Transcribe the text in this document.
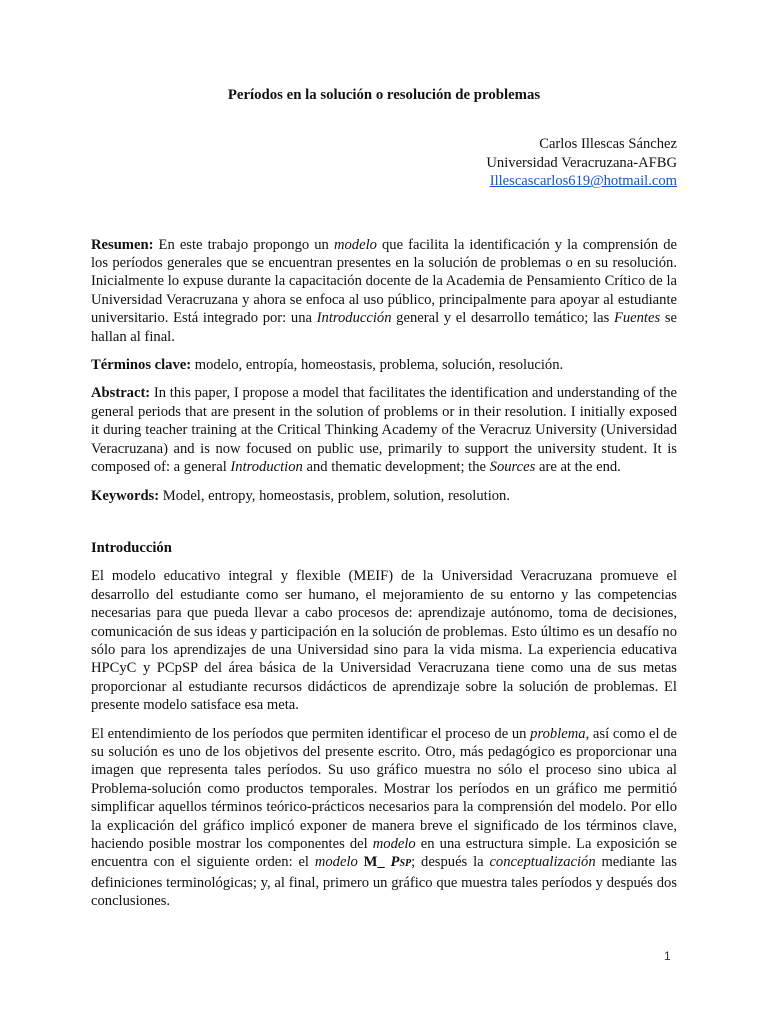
Períodos en la solución o resolución de problemas
Carlos Illescas Sánchez
Universidad Veracruzana-AFBG
Illescascarlos619@hotmail.com

Resumen: En este trabajo propongo un modelo que facilita la identificación y la comprensión de los períodos generales que se encuentran presentes en la solución de problemas o en su resolución. Inicialmente lo expuse durante la capacitación docente de la Academia de Pensamiento Crítico de la Universidad Veracruzana y ahora se enfoca al uso público, principalmente para apoyar al estudiante universitario. Está integrado por: una Introducción general y el desarrollo temático; las Fuentes se hallan al final.

Términos clave: modelo, entropía, homeostasis, problema, solución, resolución.

Abstract: In this paper, I propose a model that facilitates the identification and understanding of the general periods that are present in the solution of problems or in their resolution. I initially exposed it during teacher training at the Critical Thinking Academy of the Veracruz University (Universidad Veracruzana) and is now focused on public use, primarily to support the university student. It is composed of: a general Introduction and thematic development; the Sources are at the end.

Keywords: Model, entropy, homeostasis, problem, solution, resolution.

Introducción

El modelo educativo integral y flexible (MEIF) de la Universidad Veracruzana promueve el desarrollo del estudiante como ser humano, el mejoramiento de su entorno y las competencias necesarias para que pueda llevar a cabo procesos de: aprendizaje autónomo, toma de decisiones, comunicación de sus ideas y participación en la solución de problemas. Esto último es un desafío no sólo para los aprendizajes de una Universidad sino para la vida misma. La experiencia educativa HPCyC y PCpSP del área básica de la Universidad Veracruzana tiene como una de sus metas proporcionar al estudiante recursos didácticos de aprendizaje sobre la solución de problemas. El presente modelo satisface esa meta.

El entendimiento de los períodos que permiten identificar el proceso de un problema, así como el de su solución es uno de los objetivos del presente escrito. Otro, más pedagógico es proporcionar una imagen que representa tales períodos. Su uso gráfico muestra no sólo el proceso sino ubica al Problema-solución como productos temporales. Mostrar los períodos en un gráfico me permitió simplificar aquellos términos teórico-prácticos necesarios para la comprensión del modelo. Por ello la explicación del gráfico implicó exponer de manera breve el significado de los términos clave, haciendo posible mostrar los componentes del modelo en una estructura simple. La exposición se encuentra con el siguiente orden: el modelo M_ PSP; después la conceptualización mediante las definiciones terminológicas; y, al final, primero un gráfico que muestra tales períodos y después dos conclusiones.

1
